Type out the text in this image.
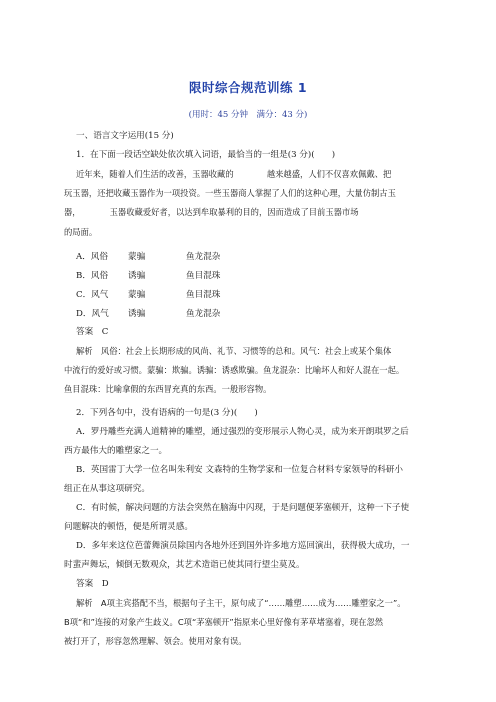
限时综合规范训练 1
(用时：45 分钟　满分：43 分)
一、语言文字运用(15 分)
1．在下面一段话空缺处依次填入词语，最恰当的一组是(3 分)(　　)
近年来，随着人们生活的改善，玉器收藏的　　　　越来越盛，人们不仅喜欢佩戴、把
玩玉器，还把收藏玉器作为一项投资。一些玉器商人掌握了人们的这种心理，大量仿制古玉
器，　　　　玉器收藏爱好者，以达到牟取暴利的目的，因而造成了目前玉器市场
的局面。
A．风俗 蒙骗	鱼龙混杂
B．风俗 诱骗	鱼目混珠
C．风气 蒙骗	鱼目混珠
D．风气 诱骗	鱼龙混杂
答案　C
解析　风俗：社会上长期形成的风尚、礼节、习惯等的总和。风气：社会上或某个集体
中流行的爱好或习惯。蒙骗：欺骗。诱骗：诱惑欺骗。鱼龙混杂：比喻坏人和好人混在一起。
鱼目混珠：比喻拿假的东西冒充真的东西。一般形容物。
2．下列各句中，没有语病的一句是(3 分)(　　)
A．罗丹雕些充满人道精神的雕塑，通过强烈的变形展示人物心灵，成为来开朗琪罗之后
西方最伟大的雕塑家之一。
B．英国雷丁大学一位名叫朱利安 文森特的生物学家和一位复合材料专家领导的科研小
组正在从事这项研究。
C．有时候，解决问题的方法会突然在脑海中闪现，于是问题便茅塞顿开，这种一下子使
问题解决的顿悟，便是所谓灵感。
D．多年来这位芭蕾舞演员除国内各地外还到国外许多地方巡回演出，获得极大成功，一
时蜚声舞坛，倾倒无数观众，其艺术造诣已使其同行望尘莫及。
答案　D
解析　A项主宾搭配不当，根据句子主干，原句成了“……雕塑……成为……雕塑家之一”。
B项“和”连接的对象产生歧义。C项“茅塞顿开”指原来心里好像有茅草堵塞着，现在忽然
被打开了，形容忽然理解、领会。使用对象有误。
